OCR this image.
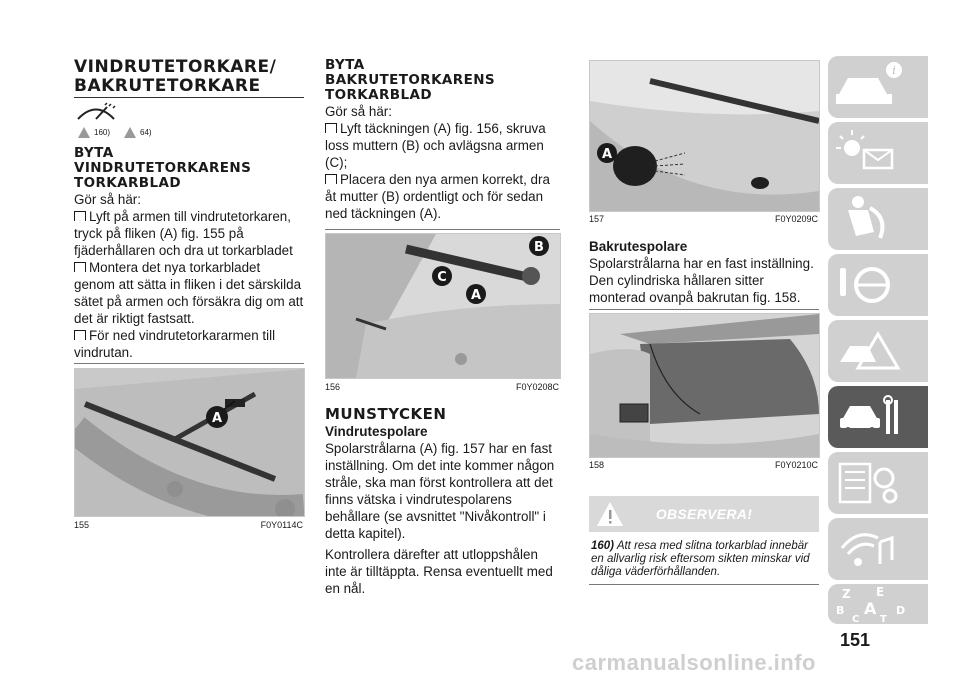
VINDRUTETORKARE/

BAKRUTETORKARE

160)	64)

BYTA

VINDRUTETORKARENS

TORKARBLAD

Gör så här:

Lyft på armen till vindrutetorkaren, tryck på fliken (A) fig. 155 på fjäderhållaren och dra ut torkarbladet

Montera det nya torkarbladet genom att sätta in fliken i det särskilda sätet på armen och försäkra dig om att det är riktigt fastsatt.

För ned vindrutetorkararmen till vindrutan.

A
155	F0Y0114C

BYTA

BAKRUTETORKARENS

TORKARBLAD

Gör så här:

Lyft täckningen (A) fig. 156, skruva loss muttern (B) och avlägsna armen (C);

Placera den nya armen korrekt, dra åt mutter (B) ordentligt och för sedan ned täckningen (A).

B
C
A
156	F0Y0208C

MUNSTYCKEN

Vindrutespolare

Spolarstrålarna (A) fig. 157 har en fast inställning. Om det inte kommer någon stråle, ska man först kontrollera att det finns vätska i vindrutespolarens behållare (se avsnittet "Nivåkontroll" i detta kapitel).

Kontrollera därefter att utloppshålen inte är tilltäppta. Rensa eventuellt med en nål.

A
157	F0Y0209C

Bakrutespolare

Spolarstrålarna har en fast inställning. Den cylindriska hållaren sitter monterad ovanpå bakrutan fig. 158.

158	F0Y0210C
OBSERVERA!
160) Att resa med slitna torkarblad innebär en allvarlig risk eftersom sikten minskar vid dåliga väderförhållanden.
i
Z E
B A D
C T
151
carmanualsonline.info
